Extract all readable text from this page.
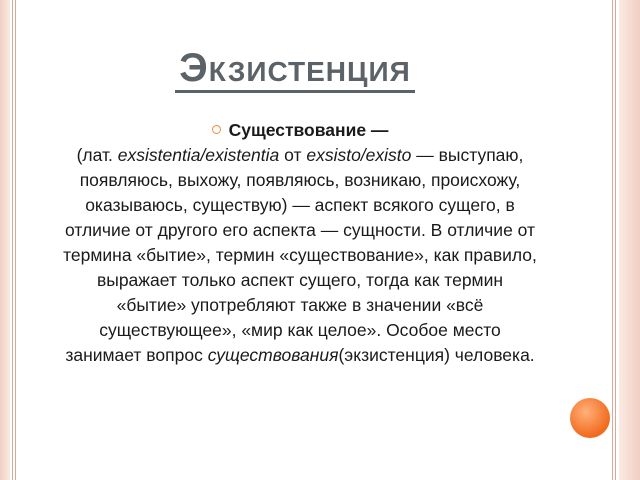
Экзистенция
Существование —
(лат. exsistentia/existentia от exsisto/existo — выступаю, появляюсь, выхожу, появляюсь, возникаю, происхожу, оказываюсь, существую) — аспект всякого сущего, в отличие от другого его аспекта — сущности. В отличие от термина «бытие», термин «существование», как правило, выражает только аспект сущего, тогда как термин «бытие» употребляют также в значении «всё существующее», «мир как целое». Особое место занимает вопрос существования(экзистенция) человека.
